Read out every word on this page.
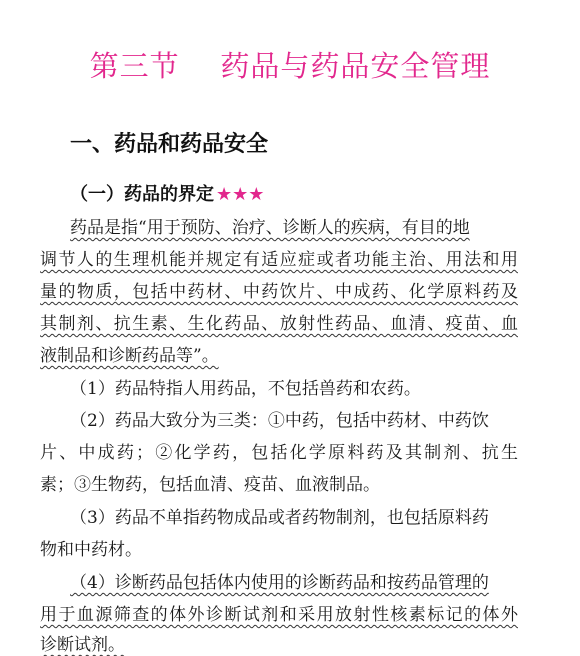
第三节    药品与药品安全管理
一、药品和药品安全
（一）药品的界定 ★★★
药品是指“用于预防、治疗、诊断人的疾病，有目的地
调节人的生理机能并规定有适应症或者功能主治、用法和用
量的物质，包括中药材、中药饮片、中成药、化学原料药及
其制剂、抗生素、生化药品、放射性药品、血清、疫苗、血
液制品和诊断药品等”。
（1）药品特指人用药品，不包括兽药和农药。
（2）药品大致分为三类：①中药，包括中药材、中药饮
片、中成药；②化学药，包括化学原料药及其制剂、抗生
素；③生物药，包括血清、疫苗、血液制品。
（3）药品不单指药物成品或者药物制剂，也包括原料药
物和中药材。
（4）诊断药品包括体内使用的诊断药品和按药品管理的
用于血源筛查的体外诊断试剂和采用放射性核素标记的体外
诊断试剂。
